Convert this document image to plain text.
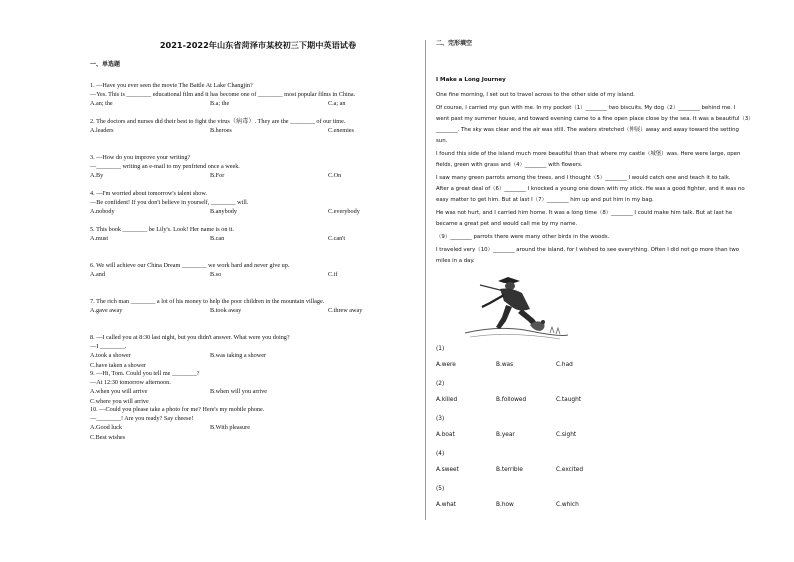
2021-2022年山东省菏泽市某校初三下期中英语试卷
一、单选题
1. —Have you ever seen the movie The Battle At Lake Changjin?
—Yes. This is ________ educational film and it has become one of ________ most popular films in China.
A.an; the	B.a; the	C.a; an
2. The doctors and nurses did their best to fight the virus（病毒）. They are the ________ of our time.
A.leaders	B.heroes	C.enemies
3. —How do you improve your writing?
—________ writing an e-mail to my penfriend once a week.
A.By	B.For	C.On
4. —I'm worried about tomorrow's talent show.
—Be confident! If you don't believe in yourself, ________ will.
A.nobody	B.anybody	C.everybody
5. This book ________ be Lily's. Look! Her name is on it.
A.must	B.can	C.can't
6. We will achieve our China Dream ________ we work hard and never give up.
A.and	B.so	C.if
7. The rich man ________ a lot of his money to help the poor children in the mountain village.
A.gave away	B.took away	C.threw away
8. —I called you at 8:30 last night, but you didn't answer. What were you doing?
—I ________.
A.took a shower	B.was taking a shower
C.have taken a shower
9. —Hi, Tom. Could you tell me ________?
—At 12:30 tomorrow afternoon.
A.when you will arrive	B.when will you arrive
C.where you will arrive
10. —Could you please take a photo for me? Here's my mobile phone.
—________! Are you ready? Say cheese!
A.Good luck	B.With pleasure
C.Best wishes
二、完形填空
I Make a Long Journey
One fine morning, I set out to travel across to the other side of my island.
Of course, I carried my gun with me. In my pocket（1）________ two biscuits. My dog（2）________ behind me. I
went past my summer house, and toward evening came to a fine open place close by the sea. It was a beautiful（3）
________. The sky was clear and the air was still. The waters stretched（伸展）away and away toward the setting
sun.
I found this side of the island much more beautiful than that where my castle（城堡）was. Here were large, open
fields, green with grass and（4）________ with flowers.
I saw many green parrots among the trees, and I thought（5）________ I would catch one and teach it to talk.
After a great deal of（6）________ I knocked a young one down with my stick. He was a good fighter, and it was no
easy matter to get him. But at last I（7）________ him up and put him in my bag.
He was not hurt, and I carried him home. It was a long time（8）________ I could make him talk. But at last he
became a great pet and would call me by my name.
（9）________ parrots there were many other birds in the woods.
I traveled very（10）________ around the island, for I wished to see everything. Often I did not go more than two
miles in a day.
(1)
A.were	B.was	C.had
(2)
A.killed	B.followed	C.taught
(3)
A.boat	B.year	C.sight
(4)
A.sweet	B.terrible	C.excited
(5)
A.what	B.how	C.which
